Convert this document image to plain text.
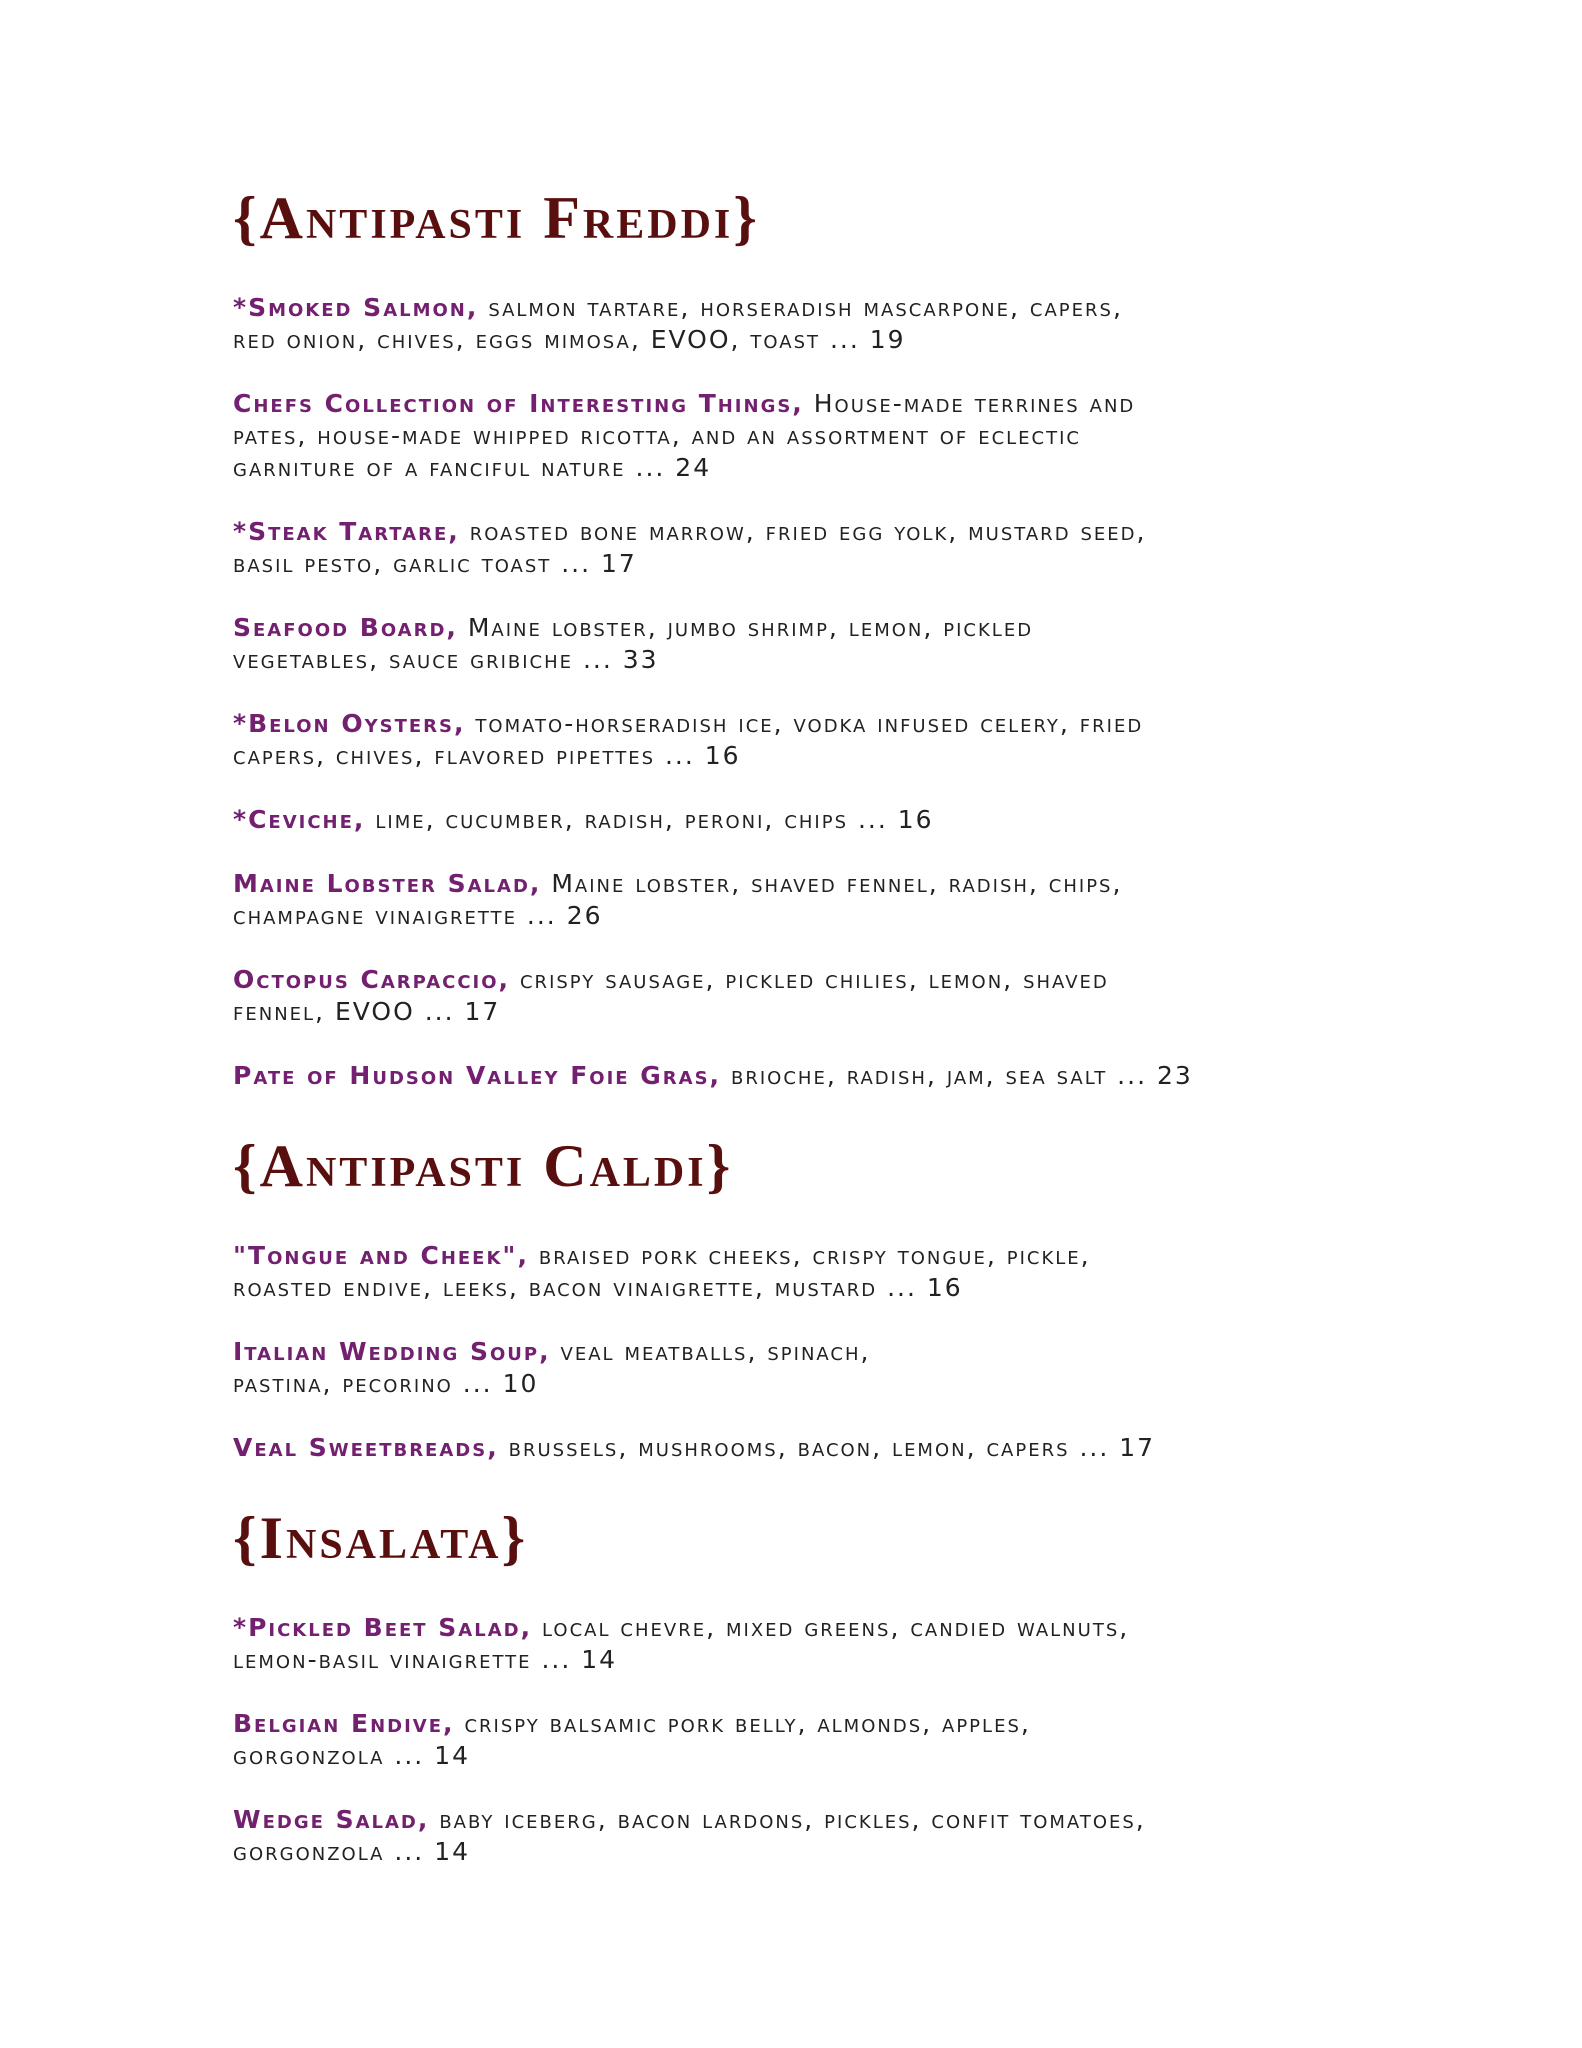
{Antipasti Freddi}

*Smoked Salmon, salmon tartare, horseradish mascarpone, capers,
red onion, chives, eggs mimosa, EVOO, toast ... 19

Chefs Collection of Interesting Things, House-made terrines and
pates, house-made whipped ricotta, and an assortment of eclectic
garniture of a fanciful nature ... 24

*Steak Tartare, roasted bone marrow, fried egg yolk, mustard seed,
basil pesto, garlic toast ... 17

Seafood Board, Maine lobster, jumbo shrimp, lemon, pickled
vegetables, sauce gribiche ... 33

*Belon Oysters, tomato-horseradish ice, vodka infused celery, fried
capers, chives, flavored pipettes ... 16

*Ceviche, lime, cucumber, radish, peroni, chips ... 16

Maine Lobster Salad, Maine lobster, shaved fennel, radish, chips,
champagne vinaigrette ... 26

Octopus Carpaccio, crispy sausage, pickled chilies, lemon, shaved
fennel, EVOO ... 17

Pate of Hudson Valley Foie Gras, brioche, radish, jam, sea salt ... 23

{Antipasti Caldi}

"Tongue and Cheek", braised pork cheeks, crispy tongue, pickle,
roasted endive, leeks, bacon vinaigrette, mustard ... 16

Italian Wedding Soup, veal meatballs, spinach,
pastina, pecorino ... 10

Veal Sweetbreads, brussels, mushrooms, bacon, lemon, capers ... 17

{Insalata}

*Pickled Beet Salad, local chevre, mixed greens, candied walnuts,
lemon-basil vinaigrette ... 14

Belgian Endive, crispy balsamic pork belly, almonds, apples,
gorgonzola ... 14

Wedge Salad, baby iceberg, bacon lardons, pickles, confit tomatoes,
gorgonzola ... 14
